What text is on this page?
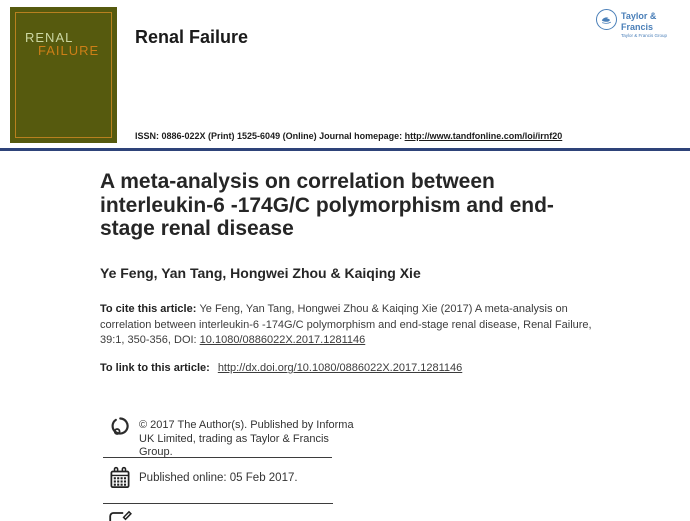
RENAL
FAILURE
Renal Failure
Taylor & Francis
Taylor & Francis Group
ISSN: 0886-022X (Print) 1525-6049 (Online) Journal homepage: http://www.tandfonline.com/loi/irnf20
A meta-analysis on correlation between interleukin-6 -174G/C polymorphism and end-stage renal disease
Ye Feng, Yan Tang, Hongwei Zhou & Kaiqing Xie

To cite this article: Ye Feng, Yan Tang, Hongwei Zhou & Kaiqing Xie (2017) A meta-analysis on correlation between interleukin-6 -174G/C polymorphism and end-stage renal disease, Renal Failure, 39:1, 350-356, DOI: 10.1080/0886022X.2017.1281146

To link to this article: http://dx.doi.org/10.1080/0886022X.2017.1281146
© 2017 The Author(s). Published by Informa UK Limited, trading as Taylor & Francis Group.
Published online: 05 Feb 2017.
